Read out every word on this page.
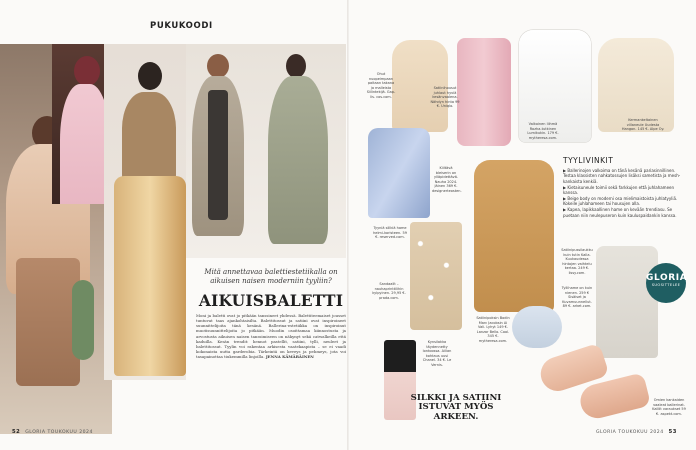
PUKUKOODI
Mitä annettavaa balettiestetiikalla on aikuisen naisen moderniin tyyliin?
AIKUISBALETTI
Moni ja baletti ovat jo pitkään tanssineet yhdessä. Balettiteemaiset jousset tuntuvat taas ajankohtaisilta. Balettitossut ja satiini ovat inspiroineet suunnittelijoita tänä kesänä. Ballerina-estetiikka on inspiroinut muotisuunnittelijoita jo pitkään. Muodin osoittamaa kiinnostusta ja arvostusta aikuisen naisen tanssimiseen on näkynyt sekä catwalkeilla että kaduilla. Kesän trendit: hennot pastellit, satiini, tylli, neuleet ja balettitossut. Tyylin voi rakentaa arkisesta vaatekaapista – se ei vaadi kokonaista uutta garderobia. Tärkeintä on keveys ja pehmeys, jota voi tasapainottaa tiukemmilla linjoilla. JENNA KÄMÄRÄINEN
52 GLORIA TOUKOKUU 2024
Ohut nuopeimpaan paitaan takana ja malleista Siilintekijä. Gap-lis. cos.com.
Satiinihousut juhlaut hyviä kesänvaalena. Nähdyn hinta 99 €. Uniqlo.
Valkoinen liihmä Rozha-tutkinen Lumikukin. 179 €. mytheresa.com.
Kermankeltainen villaneule Uudesta Hangon. 145 €. Alpe Oy.
Kiiltävä bleiserin on ylläpidettävä. Nauha 2024. Jäinen 369 €. designerteosten.
Tyyniä sillkiä hame helmi-koristeen. 59 €. reserved.com.
Satiinipoksin Bodin Marc Jacobsin Ai Vali. Lyhyt 149 €. Lanzar Bello. Cool. 345 €. mytheresa.com.
Satiinipussilaukku kuin tutin Kalla. Kuukaudessa hintojen vaihtelu kertaa. 249 €. lissy.com.
Tyllihame on kuin nienen. 259 € Sisäiset ja Kuvamuunnellut. 89 €. arket.com.
Kynsilakka täydennetty lontoossa. Ailian kohtaus uusi Chanel. 34 €. Le Vernis.
Sandaalit – nauhaprinttilihin kylpyinen. 29,95 €. prada.com.
Omien kankaiden vaaleat ballerinat. Kalliit varaukset 59 €. aspekt.com.
TYYLIVINKIT
▶ Ballerinojen valkoima on tänä kesänä pariasinnillinen. Testaa klassisten nahkatossujen lisäksi sametista ja mesh-kankaista kenkiä.
▶ Kietaisuneule toimii sekä farkkujen että juhlahameen kanssa.
▶ Beige body on moderni osa mielimaistoista juhlatyyliä. Kokeile juhlahameen tai housujen alla.
▶ Kapea, lapikkaallinen hame on kevään trendiasu. Se puetaan niin neulepuseron kuin kauluspaidankin kanssa.
GLORIA
SUOSITTELEE
SILKKI JA SATIINI ISTUVAT MYÖS ARKEEN.
GLORIA TOUKOKUU 2024 53
